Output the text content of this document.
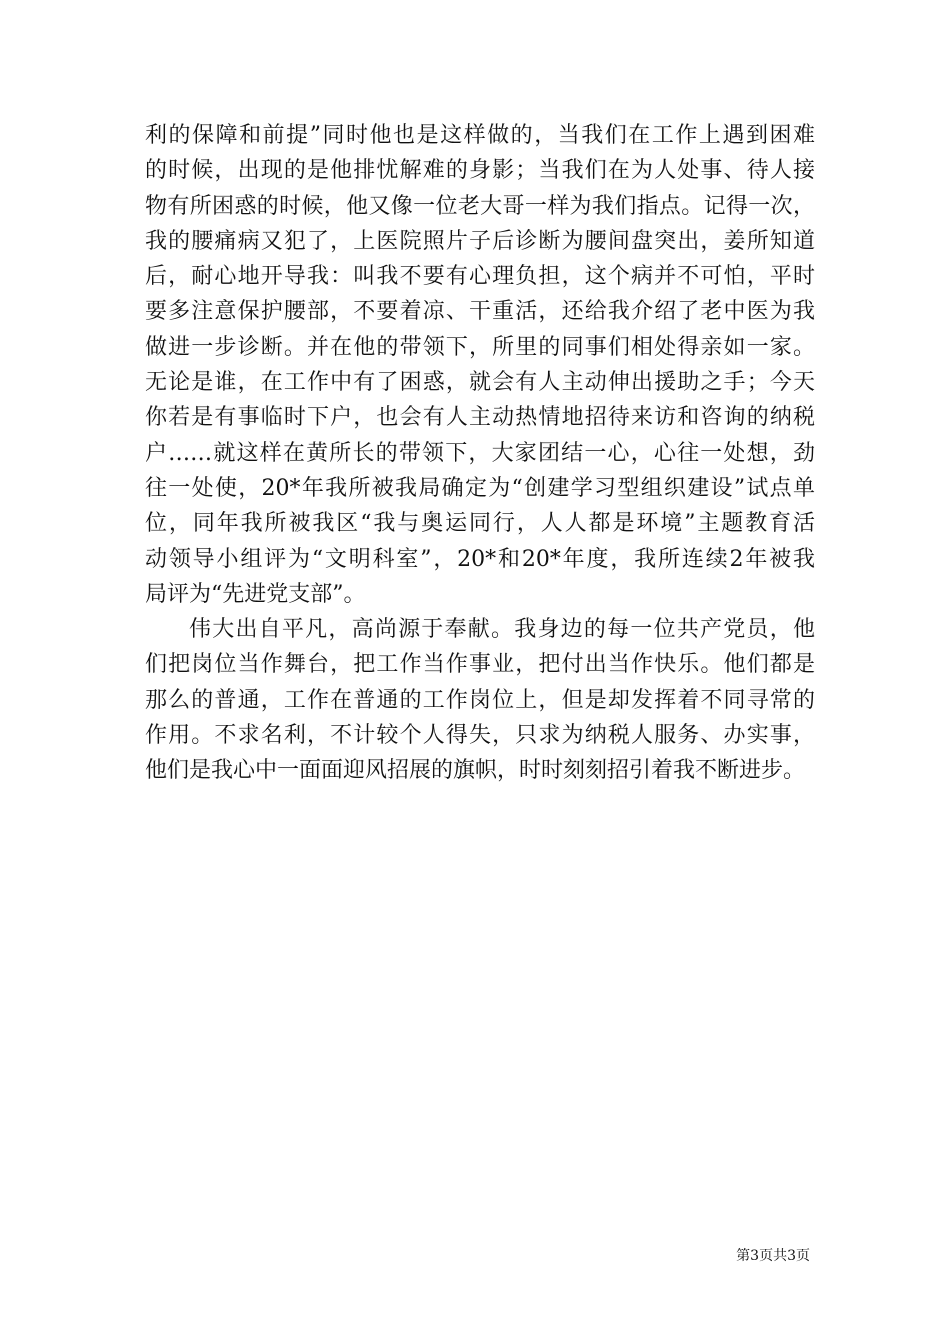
利的保障和前提”同时他也是这样做的，当我们在工作上遇到困难
的时候，出现的是他排忧解难的身影；当我们在为人处事、待人接
物有所困惑的时候，他又像一位老大哥一样为我们指点。记得一次，
我的腰痛病又犯了，上医院照片子后诊断为腰间盘突出，姜所知道
后，耐心地开导我：叫我不要有心理负担，这个病并不可怕，平时
要多注意保护腰部，不要着凉、干重活，还给我介绍了老中医为我
做进一步诊断。并在他的带领下，所里的同事们相处得亲如一家。
无论是谁，在工作中有了困惑，就会有人主动伸出援助之手；今天
你若是有事临时下户，也会有人主动热情地招待来访和咨询的纳税
户……就这样在黄所长的带领下，大家团结一心，心往一处想，劲
往一处使，20*年我所被我局确定为“创建学习型组织建设”试点单
位，同年我所被我区“我与奥运同行，人人都是环境”主题教育活
动领导小组评为“文明科室”，20*和20*年度，我所连续2年被我
局评为“先进党支部”。
伟大出自平凡，高尚源于奉献。我身边的每一位共产党员，他
们把岗位当作舞台，把工作当作事业，把付出当作快乐。他们都是
那么的普通，工作在普通的工作岗位上，但是却发挥着不同寻常的
作用。不求名利，不计较个人得失，只求为纳税人服务、办实事，
他们是我心中一面面迎风招展的旗帜，时时刻刻招引着我不断进步。
第3页共3页
